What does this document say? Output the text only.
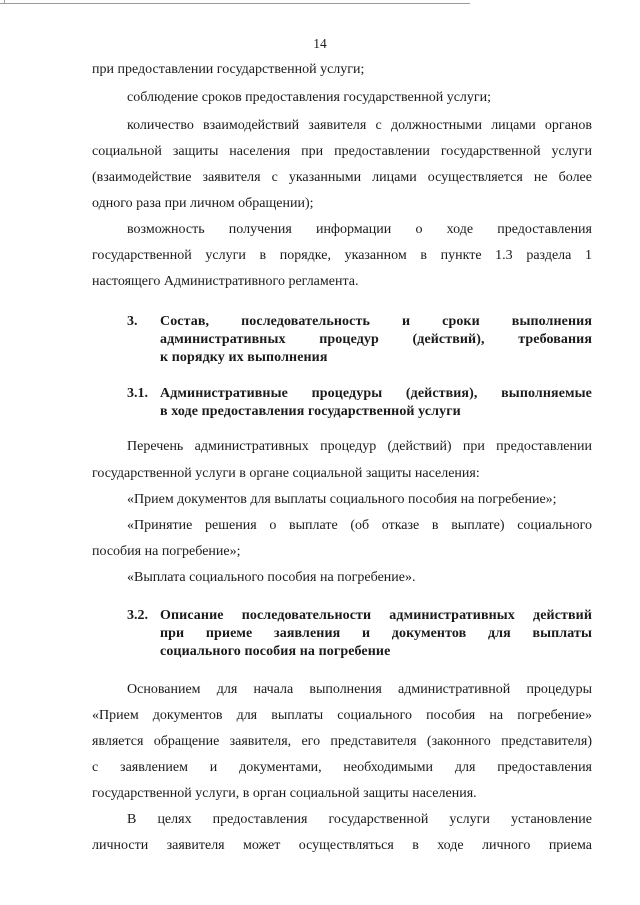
14
при предоставлении государственной услуги;
соблюдение сроков предоставления государственной услуги;
количество взаимодействий заявителя с должностными лицами органов
социальной защиты населения при предоставлении государственной услуги
(взаимодействие заявителя с указанными лицами осуществляется не более
одного раза при личном обращении);
возможность получения информации о ходе предоставления
государственной услуги в порядке, указанном в пункте 1.3 раздела 1
настоящего Административного регламента.
3. Состав, последовательность и сроки выполнения
административных процедур (действий), требования
к порядку их выполнения
3.1. Административные процедуры (действия), выполняемые
в ходе предоставления государственной услуги
Перечень административных процедур (действий) при предоставлении
государственной услуги в органе социальной защиты населения:
«Прием документов для выплаты социального пособия на погребение»;
«Принятие решения о выплате (об отказе в выплате) социального
пособия на погребение»;
«Выплата социального пособия на погребение».
3.2. Описание последовательности административных действий
при приеме заявления и документов для выплаты
социального пособия на погребение
Основанием для начала выполнения административной процедуры
«Прием документов для выплаты социального пособия на погребение»
является обращение заявителя, его представителя (законного представителя)
с заявлением и документами, необходимыми для предоставления
государственной услуги, в орган социальной защиты населения.
В целях предоставления государственной услуги установление
личности заявителя может осуществляться в ходе личного приема
